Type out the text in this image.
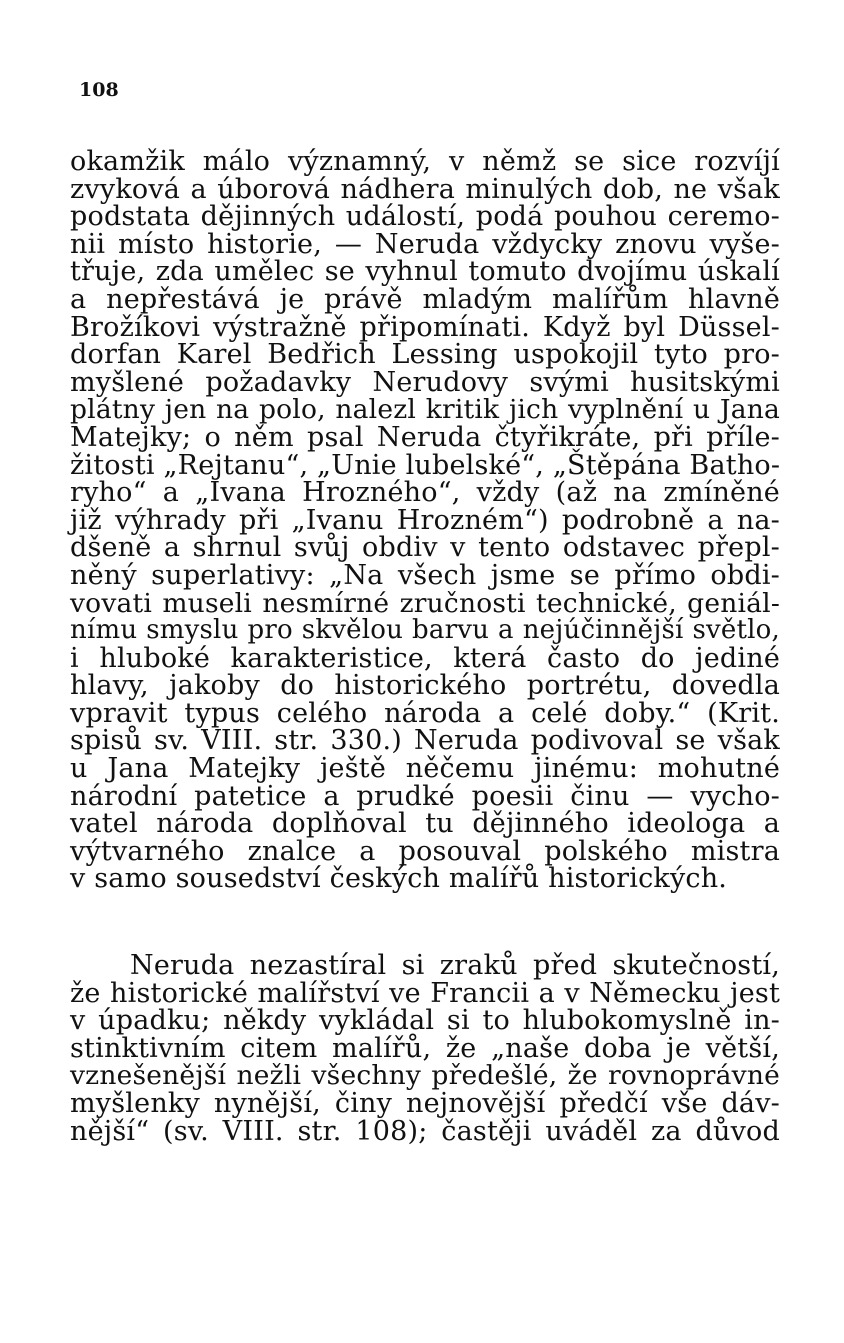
108
okamžik málo významný, v němž se sice rozvíjí
zvyková a úborová nádhera minulých dob, ne však
podstata dějinných událostí, podá pouhou ceremo-
nii místo historie, — Neruda vždycky znovu vyše-
třuje, zda umělec se vyhnul tomuto dvojímu úskalí
a nepřestává je právě mladým malířům hlavně
Brožíkovi výstražně připomínati. Když byl Düssel-
dorfan Karel Bedřich Lessing uspokojil tyto pro-
myšlené požadavky Nerudovy svými husitskými
plátny jen na polo, nalezl kritik jich vyplnění u Jana
Matejky; o něm psal Neruda čtyřikráte, při příle-
žitosti „Rejtanu“, „Unie lubelské“, „Štěpána Batho-
ryho“ a „Ivana Hrozného“, vždy (až na zmíněné
již výhrady při „Ivanu Hrozném“) podrobně a na-
dšeně a shrnul svůj obdiv v tento odstavec přepl-
něný superlativy: „Na všech jsme se přímo obdi-
vovati museli nesmírné zručnosti technické, geniál-
nímu smyslu pro skvělou barvu a nejúčinnější světlo,
i hluboké karakteristice, která často do jediné
hlavy, jakoby do historického portrétu, dovedla
vpravit typus celého národa a celé doby.“ (Krit.
spisů sv. VIII. str. 330.) Neruda podivoval se však
u Jana Matejky ještě něčemu jinému: mohutné
národní patetice a prudké poesii činu — vycho-
vatel národa doplňoval tu dějinného ideologa a
výtvarného znalce a posouval polského mistra
v samo sousedství českých malířů historických.
Neruda nezastíral si zraků před skutečností,
že historické malířství ve Francii a v Německu jest
v úpadku; někdy vykládal si to hlubokomyslně in-
stinktivním citem malířů, že „naše doba je větší,
vznešenější nežli všechny předešlé, že rovnoprávné
myšlenky nynější, činy nejnovější předčí vše dáv-
nější“ (sv. VIII. str. 108); častěji uváděl za důvod
